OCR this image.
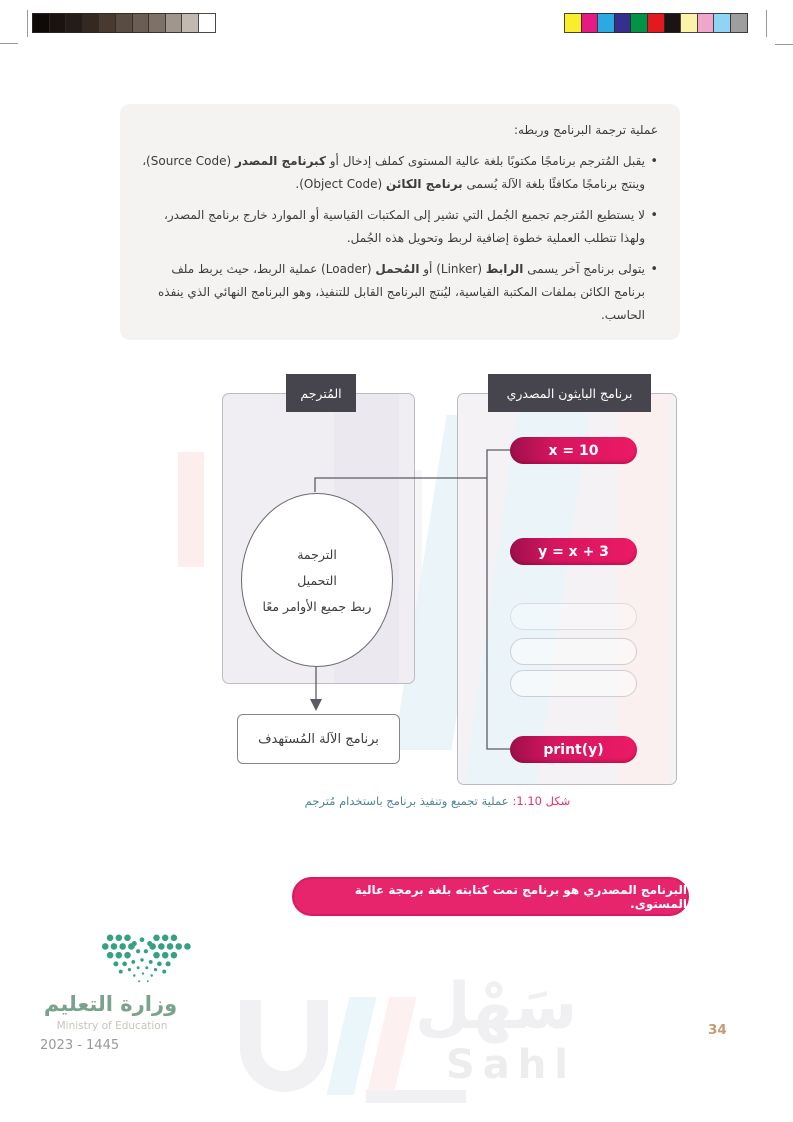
سَهْل
Sahl
عملية ترجمة البرنامج وربطه:
• يقبل المُترجم برنامجًا مكتوبًا بلغة عالية المستوى كملف إدخال أو كبرنامج المصدر (Source Code)، وينتج برنامجًا مكافئًا بلغة الآلة يُسمى برنامج الكائن (Object Code).
• لا يستطيع المُترجم تجميع الجُمل التي تشير إلى المكتبات القياسية أو الموارد خارج برنامج المصدر، ولهذا تتطلب العملية خطوة إضافية لربط وتحويل هذه الجُمل.
• يتولى برنامج آخر يسمى الرابط (Linker) أو المُحمل (Loader) عملية الربط، حيث يربط ملف برنامج الكائن بملفات المكتبة القياسية، ليُنتج البرنامج القابل للتنفيذ، وهو البرنامج النهائي الذي ينفذه الحاسب.
المُترجم	برنامج البايثون المصدري
الترجمة
التحميل
ربط جميع الأوامر معًا
برنامج الآلة المُستهدف
شكل 1.10:عملية تجميع وتنفيذ برنامج باستخدام مُترجم
البرنامج المصدري هو برنامج تمت كتابته بلغة برمجة عالية المستوى.
وزارة التعليم
Ministry of Education
2023 - 1445
34
x = 10
y = x + 3
print(y)
